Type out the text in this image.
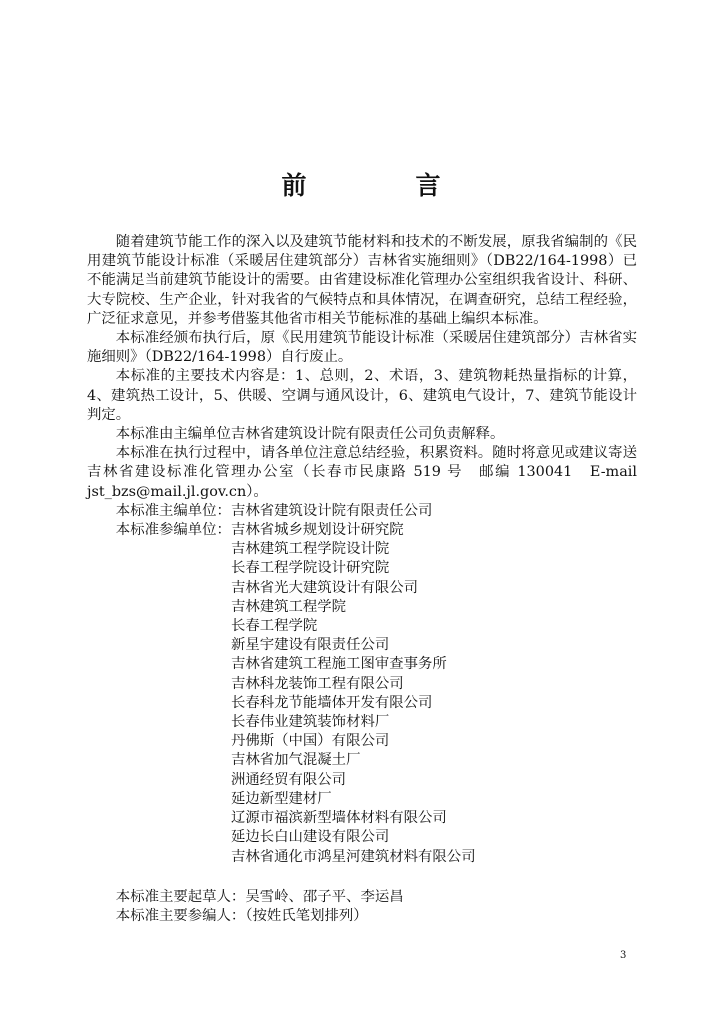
前　言

随着建筑节能工作的深入以及建筑节能材料和技术的不断发展，原我省编制的《民用建筑节能设计标准（采暖居住建筑部分）吉林省实施细则》（DB22/164-1998）已不能满足当前建筑节能设计的需要。由省建设标准化管理办公室组织我省设计、科研、大专院校、生产企业，针对我省的气候特点和具体情况，在调查研究，总结工程经验，广泛征求意见，并参考借鉴其他省市相关节能标准的基础上编织本标准。

本标准经颁布执行后，原《民用建筑节能设计标准（采暖居住建筑部分）吉林省实施细则》（DB22/164-1998）自行废止。

本标准的主要技术内容是：1、总则，2、术语，3、建筑物耗热量指标的计算，4、建筑热工设计，5、供暖、空调与通风设计，6、建筑电气设计，7、建筑节能设计判定。

本标准由主编单位吉林省建筑设计院有限责任公司负责解释。

本标准在执行过程中，请各单位注意总结经验，积累资料。随时将意见或建议寄送吉林省建设标准化管理办公室（长春市民康路 519 号　邮编 130041　E-mail jst_bzs@mail.jl.gov.cn）。

本标准主编单位： 吉林省建筑设计院有限责任公司
本标准参编单位： 吉林省城乡规划设计研究院
吉林建筑工程学院设计院
长春工程学院设计研究院
吉林省光大建筑设计有限公司
吉林建筑工程学院
长春工程学院
新星宇建设有限责任公司
吉林省建筑工程施工图审查事务所
吉林科龙装饰工程有限公司
长春科龙节能墙体开发有限公司
长春伟业建筑装饰材料厂
丹佛斯（中国）有限公司
吉林省加气混凝土厂
洲通经贸有限公司
延边新型建材厂
辽源市福滨新型墙体材料有限公司
延边长白山建设有限公司
吉林省通化市鸿星河建筑材料有限公司

本标准主要起草人：吴雪岭、邵子平、李运昌

本标准主要参编人：（按姓氏笔划排列）

3
